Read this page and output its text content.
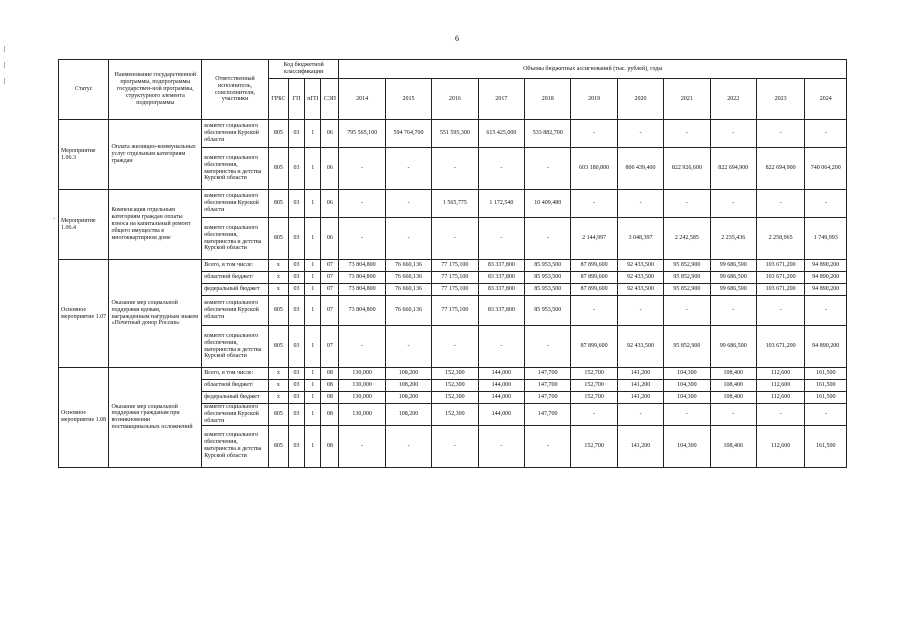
6
|
|
|
·
Статус	Наименование государственной программы, подпрограммы государствен-ной программы, структурного элемента подпрограммы	Ответственный исполнитель, соисполнители, участники	Код бюджетной классификации				Объемы бюджетных ассигнований (тыс. рублей), годы										
			ГРБС	ГП	пГП	СЭП	2014	2015	2016	2017	2018	2019	2020	2021	2022	2023	2024
Мероприятие 1.06.3	Оплата жилищно-коммунальных услуг отдельным категориям граждан	комитет социального обеспечения Курской области	805	03	1	06	795 565,100	594 764,700	551 595,300	615 425,000	533 882,700	-	-	-	-	-	-
		комитет социального обеспечения, материнства и детства Курской области	805	03	1	06	-	-	-	-	-	603 180,800	806 439,400	822 926,600	822 694,900	822 694,900	740 064,200
Мероприятие 1.06.4	Компенсация отдельным категориям граждан оплаты взноса на капитальный ремонт общего имущества в многоквартирном доме	комитет социального обеспечения Курской области	805	03	1	06	-	-	1 565,775	1 172,540	10 409,480	-	-	-	-	-	-
		комитет социального обеспечения, материнства и детства Курской области	805	03	1	06	-	-	-	-	-	2 144,997	3 048,397	2 242,585	2 235,436	2 258,965	1 749,993
Основное мероприятие 1.07	Оказание мер социальной поддержки вдовам, награжденным нагрудным знаком «Почетный донор России»	Всего, в том числе:	х	03	1	07	73 804,800	76 660,136	77 175,100	83 337,800	85 953,500	87 899,600	92 433,500	95 852,900	99 686,500	103 671,200	94 890,200
		областной бюджет/	х	03	1	07	73 804,800	76 660,136	77 175,100	83 337,800	85 953,500	87 899,600	92 433,500	95 852,900	99 686,500	103 671,200	94 890,200
		федеральный бюджет	х	03	1	07	73 804,800	76 660,136	77 175,100	83 337,800	85 953,500	87 899,600	92 433,500	95 852,900	99 686,500	103 671,200	94 890,200
		комитет социального обеспечения Курской области	805	03	1	07	73 804,800	76 660,136	77 175,100	83 337,800	85 953,500	-	-	-	-	-	-
		комитет социального обеспечения, материнства и детства Курской области	805	03	1	07	-	-	-	-	-	87 899,600	92 433,500	95 852,900	99 686,500	103 671,200	94 890,200
Основное мероприятие 1.08	Оказание мер социальной поддержки гражданам при возникновении поствакцинальных осложнений	Всего, в том числе:	х	03	1	08	130,000	108,200	152,300	144,000	147,700	152,700	141,200	104,300	108,400	112,600	161,500
		областной бюджет/	х	03	1	08	130,000	108,200	152,300	144,000	147,700	152,700	141,200	104,300	108,400	112,600	161,500
		федеральный бюджет	х	03	1	08	130,000	108,200	152,300	144,000	147,700	152,700	141,200	104,300	108,400	112,600	161,500
		комитет социального обеспечения Курской области	805	03	1	08	130,000	108,200	152,300	144,000	147,700	-	-	-	-	-	-
		комитет социального обеспечения, материнства и детства Курской области	805	03	1	08	-	-	-	-	-	152,700	141,200	104,300	108,400	112,600	161,500
